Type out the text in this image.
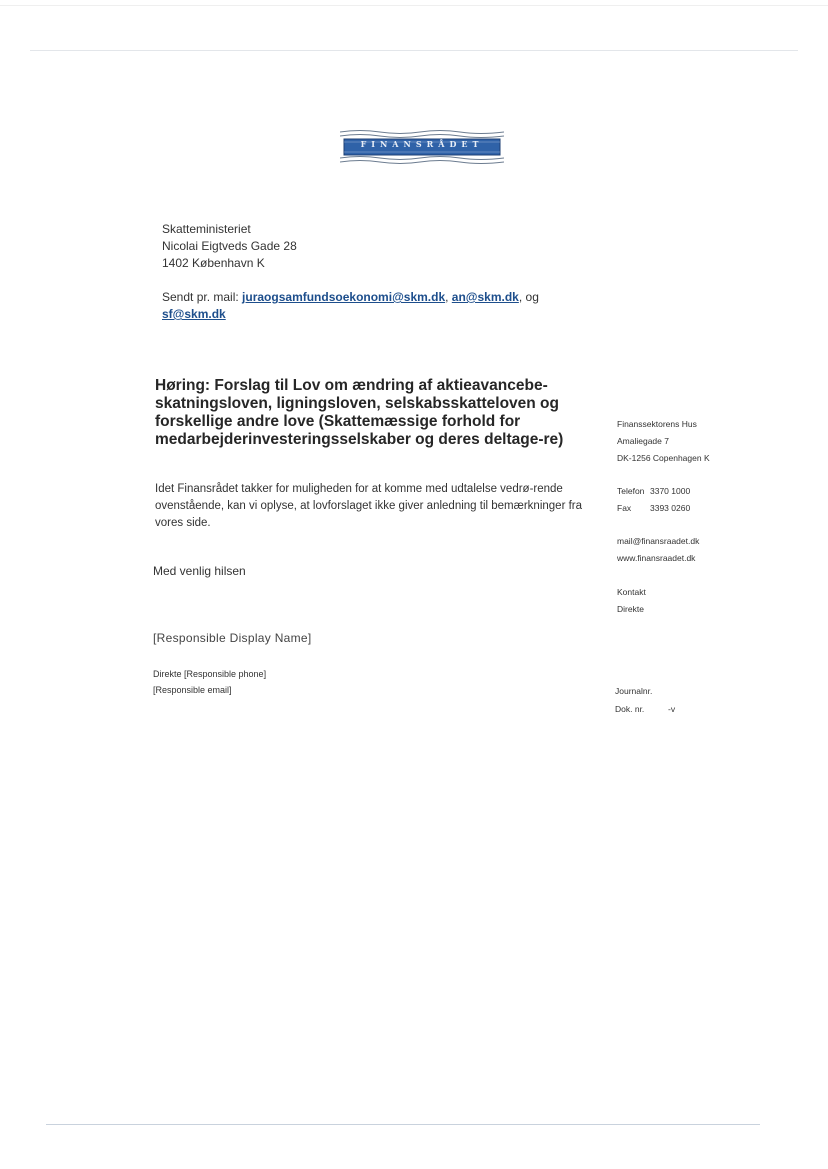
FINANSRÅDET
Skatteministeriet
Nicolai Eigtveds Gade 28
1402 København K
Sendt pr. mail: juraogsamfundsoekonomi@skm.dk, an@skm.dk, og
sf@skm.dk
Høring: Forslag til Lov om ændring af aktieavancebe-skatningsloven, ligningsloven, selskabsskatteloven og forskellige andre love (Skattemæssige forhold for medarbejderinvesteringsselskaber og deres deltage-re)
Idet Finansrådet takker for muligheden for at komme med udtalelse vedrø-rende ovenstående, kan vi oplyse, at lovforslaget ikke giver anledning til bemærkninger fra vores side.
Med venlig hilsen
[Responsible Display Name]
Direkte [Responsible phone]
[Responsible email]
Finanssektorens Hus
Amaliegade 7
DK-1256 Copenhagen K
Telefon 3370 1000
Fax	3393 0260
mail@finansraadet.dk
www.finansraadet.dk
Kontakt
Direkte
Journalnr.
Dok. nr.	-v
